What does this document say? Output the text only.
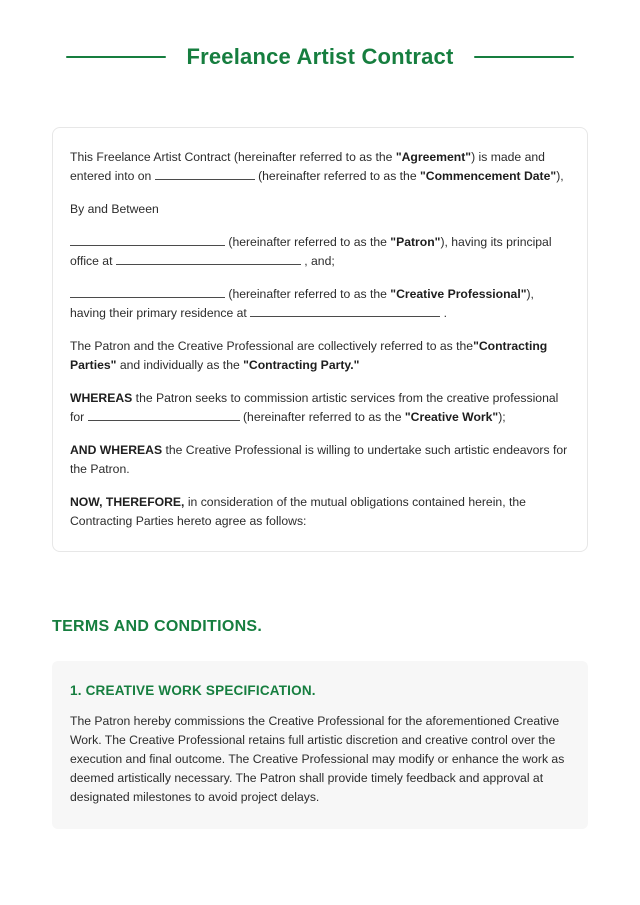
Freelance Artist Contract

This Freelance Artist Contract (hereinafter referred to as the "Agreement") is made and entered into on	(hereinafter referred to as the "Commencement Date"),

By and Between

(hereinafter referred to as the "Patron"), having its principal office at	, and;

(hereinafter referred to as the "Creative Professional"), having their primary residence at	.

The Patron and the Creative Professional are collectively referred to as the"Contracting Parties" and individually as the "Contracting Party."

WHEREAS the Patron seeks to commission artistic services from the creative professional for	(hereinafter referred to as the "Creative Work");

AND WHEREAS the Creative Professional is willing to undertake such artistic endeavors for the Patron.

NOW, THEREFORE, in consideration of the mutual obligations contained herein, the Contracting Parties hereto agree as follows:

TERMS AND CONDITIONS.
1. CREATIVE WORK SPECIFICATION.

The Patron hereby commissions the Creative Professional for the aforementioned Creative Work. The Creative Professional retains full artistic discretion and creative control over the execution and final outcome. The Creative Professional may modify or enhance the work as deemed artistically necessary. The Patron shall provide timely feedback and approval at designated milestones to avoid project delays.
